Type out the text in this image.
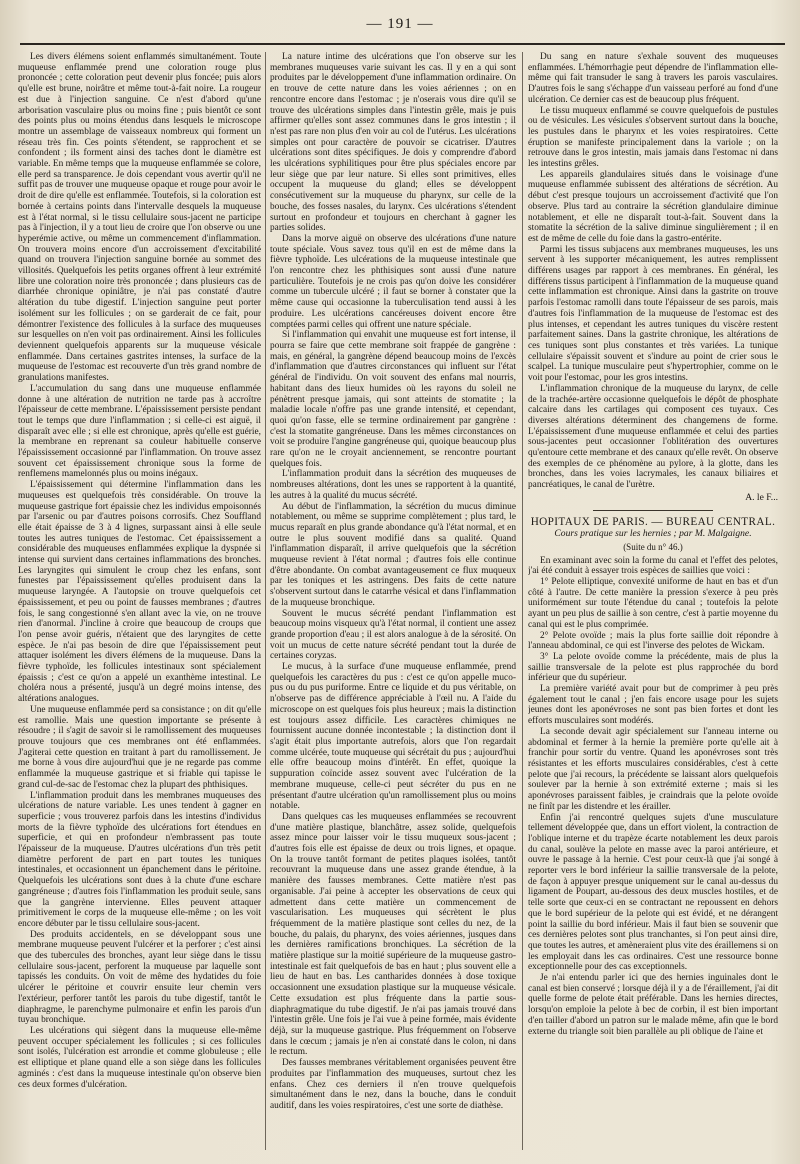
— 191 —

Les divers élémens soient enflammés simultanément. Toute muqueuse enflammée prend une coloration rouge plus prononcée ; cette coloration peut devenir plus foncée; puis alors qu'elle est brune, noirâtre et même tout-à-fait noire. La rougeur est due à l'injection sanguine. Ce n'est d'abord qu'une arborisation vasculaire plus ou moins fine ; puis bientôt ce sont des points plus ou moins étendus dans lesquels le microscope montre un assemblage de vaisseaux nombreux qui forment un réseau très fin. Ces points s'étendent, se rapprochent et se confondent ; ils forment ainsi des taches dont le diamètre est variable. En même temps que la muqueuse enflammée se colore, elle perd sa transparence. Je dois cependant vous avertir qu'il ne suffit pas de trouver une muqueuse opaque et rouge pour avoir le droit de dire qu'elle est enflammée. Toutefois, si la coloration est bornée à certains points dans l'intervalle desquels la muqueuse est à l'état normal, si le tissu cellulaire sous-jacent ne participe pas à l'injection, il y a tout lieu de croire que l'on observe ou une hyperémie active, ou même un commencement d'inflammation. On trouvera moins encore d'un accroissement d'excitabilité quand on trouvera l'injection sanguine bornée au sommet des villosités. Quelquefois les petits organes offrent à leur extrémité libre une coloration noire très prononcée ; dans plusieurs cas de diarrhée chronique opiniâtre, je n'ai pas constaté d'autre altération du tube digestif. L'injection sanguine peut porter isolément sur les follicules ; on se garderait de ce fait, pour démontrer l'existence des follicules à la surface des muqueuses sur lesquelles on n'en voit pas ordinairement. Ainsi les follicules deviennent quelquefois apparents sur la muqueuse vésicale enflammée. Dans certaines gastrites intenses, la surface de la muqueuse de l'estomac est recouverte d'un très grand nombre de granulations manifestes.

L'accumulation du sang dans une muqueuse enflammée donne à une altération de nutrition ne tarde pas à accroître l'épaisseur de cette membrane. L'épaississement persiste pendant tout le temps que dure l'inflammation ; si celle-ci est aiguë, il disparaît avec elle ; si elle est chronique, après qu'elle est guérie, la membrane en reprenant sa couleur habituelle conserve l'épaississement occasionné par l'inflammation. On trouve assez souvent cet épaississement chronique sous la forme de renflemens mamelonnés plus ou moins inégaux.

L'épaississement qui détermine l'inflammation dans les muqueuses est quelquefois très considérable. On trouve la muqueuse gastrique fort épaissie chez les individus empoisonnés par l'arsenic ou par d'autres poisons corrosifs. Chez Souffland elle était épaisse de 3 à 4 lignes, surpassant ainsi à elle seule toutes les autres tuniques de l'estomac. Cet épaississement a considérable des muqueuses enflammées explique la dyspnée si intense qui survient dans certaines inflammations des bronches. Les laryngites qui simulent le croup chez les enfans, sont funestes par l'épaississement qu'elles produisent dans la muqueuse laryngée. A l'autopsie on trouve quelquefois cet épaississement, et peu ou point de fausses membranes ; d'autres fois, le sang congestionné s'en allant avec la vie, on ne trouve rien d'anormal. J'incline à croire que beaucoup de croups que l'on pense avoir guéris, n'étaient que des laryngites de cette espèce. Je n'ai pas besoin de dire que l'épaississement peut attaquer isolément les divers élémens de la muqueuse. Dans la fièvre typhoïde, les follicules intestinaux sont spécialement épaissis ; c'est ce qu'on a appelé un exanthème intestinal. Le choléra nous a présenté, jusqu'à un degré moins intense, des altérations analogues.

Une muqueuse enflammée perd sa consistance ; on dit qu'elle est ramollie. Mais une question importante se présente à résoudre ; il s'agit de savoir si le ramollissement des muqueuses prouve toujours que ces membranes ont été enflammées. J'agiterai cette question en traitant à part du ramollissement. Je me borne à vous dire aujourd'hui que je ne regarde pas comme enflammée la muqueuse gastrique et si friable qui tapisse le grand cul-de-sac de l'estomac chez la plupart des phthisiques.

L'inflammation produit dans les membranes muqueuses des ulcérations de nature variable. Les unes tendent à gagner en superficie ; vous trouverez parfois dans les intestins d'individus morts de la fièvre typhoïde des ulcérations fort étendues en superficie, et qui en profondeur n'embrassent pas toute l'épaisseur de la muqueuse. D'autres ulcérations d'un très petit diamètre perforent de part en part toutes les tuniques intestinales, et occasionnent un épanchement dans le péritoine. Quelquefois les ulcérations sont dues à la chute d'une eschare gangréneuse ; d'autres fois l'inflammation les produit seule, sans que la gangrène intervienne. Elles peuvent attaquer primitivement le corps de la muqueuse elle-même ; on les voit encore débuter par le tissu cellulaire sous-jacent.

Des produits accidentels, en se développant sous une membrane muqueuse peuvent l'ulcérer et la perforer ; c'est ainsi que des tubercules des bronches, ayant leur siège dans le tissu cellulaire sous-jacent, perforent la muqueuse par laquelle sont tapissés les conduits. On voit de même des hydatides du foie ulcérer le péritoine et couvrir ensuite leur chemin vers l'extérieur, perforer tantôt les parois du tube digestif, tantôt le diaphragme, le parenchyme pulmonaire et enfin les parois d'un tuyau bronchique.

Les ulcérations qui siègent dans la muqueuse elle-même peuvent occuper spécialement les follicules ; si ces follicules sont isolés, l'ulcération est arrondie et comme globuleuse ; elle est elliptique et plane quand elle a son siège dans les follicules agminés : c'est dans la muqueuse intestinale qu'on observe bien ces deux formes d'ulcération.

La nature intime des ulcérations que l'on observe sur les membranes muqueuses varie suivant les cas. Il y en a qui sont produites par le développement d'une inflammation ordinaire. On en trouve de cette nature dans les voies aériennes ; on en rencontre encore dans l'estomac ; je n'oserais vous dire qu'il se trouve des ulcérations simples dans l'intestin grêle, mais je puis affirmer qu'elles sont assez communes dans le gros intestin ; il n'est pas rare non plus d'en voir au col de l'utérus. Les ulcérations simples ont pour caractère de pouvoir se cicatriser. D'autres ulcérations sont dites spécifiques. Je dois y comprendre d'abord les ulcérations syphilitiques pour être plus spéciales encore par leur siège que par leur nature. Si elles sont primitives, elles occupent la muqueuse du gland; elles se développent consécutivement sur la muqueuse du pharynx, sur celle de la bouche, des fosses nasales, du larynx. Ces ulcérations s'étendent surtout en profondeur et toujours en cherchant à gagner les parties solides.

Dans la morve aiguë on observe des ulcérations d'une nature toute spéciale. Vous savez tous qu'il en est de même dans la fièvre typhoïde. Les ulcérations de la muqueuse intestinale que l'on rencontre chez les phthisiques sont aussi d'une nature particulière. Toutefois je ne crois pas qu'on doive les considérer comme un tubercule ulcéré ; il faut se borner à constater que la même cause qui occasionne la tuberculisation tend aussi à les produire. Les ulcérations cancéreuses doivent encore être comptées parmi celles qui offrent une nature spéciale.

Si l'inflammation qui envahit une muqueuse est fort intense, il pourra se faire que cette membrane soit frappée de gangrène : mais, en général, la gangrène dépend beaucoup moins de l'excès d'inflammation que d'autres circonstances qui influent sur l'état général de l'individu. On voit souvent des enfans mal nourris, habitant dans des lieux humides où les rayons du soleil ne pénètrent presque jamais, qui sont atteints de stomatite ; la maladie locale n'offre pas une grande intensité, et cependant, quoi qu'on fasse, elle se termine ordinairement par gangrène : c'est la stomatite gangréneuse. Dans les mêmes circonstances on voit se produire l'angine gangréneuse qui, quoique beaucoup plus rare qu'on ne le croyait anciennement, se rencontre pourtant quelques fois.

L'inflammation produit dans la sécrétion des muqueuses de nombreuses altérations, dont les unes se rapportent à la quantité, les autres à la qualité du mucus sécrété.

Au début de l'inflammation, la sécrétion du mucus diminue notablement, ou même se supprime complètement ; plus tard, le mucus reparaît en plus grande abondance qu'à l'état normal, et en outre le plus souvent modifié dans sa qualité. Quand l'inflammation disparaît, il arrive quelquefois que la sécrétion muqueuse revient à l'état normal ; d'autres fois elle continue d'être abondante. On combat avantageusement ce flux muqueux par les toniques et les astringens. Des faits de cette nature s'observent surtout dans le catarrhe vésical et dans l'inflammation de la muqueuse bronchique.

Souvent le mucus sécrété pendant l'inflammation est beaucoup moins visqueux qu'à l'état normal, il contient une assez grande proportion d'eau ; il est alors analogue à de la sérosité. On voit un mucus de cette nature sécrété pendant tout la durée de certaines coryzas.

Le mucus, à la surface d'une muqueuse enflammée, prend quelquefois les caractères du pus : c'est ce qu'on appelle muco-pus ou du pus puriforme. Entre ce liquide et du pus véritable, on n'observe pas de différence appréciable à l'œil nu. A l'aide du microscope on est quelques fois plus heureux ; mais la distinction est toujours assez difficile. Les caractères chimiques ne fournissent aucune donnée incontestable ; la distinction dont il s'agit était plus importante autrefois, alors que l'on regardait comme ulcérée, toute muqueuse qui sécrétait du pus ; aujourd'hui elle offre beaucoup moins d'intérêt. En effet, quoique la suppuration coïncide assez souvent avec l'ulcération de la membrane muqueuse, celle-ci peut sécréter du pus en ne présentant d'autre ulcération qu'un ramollissement plus ou moins notable.

Dans quelques cas les muqueuses enflammées se recouvrent d'une matière plastique, blanchâtre, assez solide, quelquefois assez mince pour laisser voir le tissu muqueux sous-jacent ; d'autres fois elle est épaisse de deux ou trois lignes, et opaque. On la trouve tantôt formant de petites plaques isolées, tantôt recouvrant la muqueuse dans une assez grande étendue, à la manière des fausses membranes. Cette matière n'est pas organisable. J'ai peine à accepter les observations de ceux qui admettent dans cette matière un commencement de vascularisation. Les muqueuses qui sécrètent le plus fréquemment de la matière plastique sont celles du nez, de la bouche, du palais, du pharynx, des voies aériennes, jusques dans les dernières ramifications bronchiques. La sécrétion de la matière plastique sur la moitié supérieure de la muqueuse gastro-intestinale est fait quelquefois de bas en haut ; plus souvent elle a lieu de haut en bas. Les cantharides données à dose toxique occasionnent une exsudation plastique sur la muqueuse vésicale. Cette exsudation est plus fréquente dans la partie sous-diaphragmatique du tube digestif. Je n'ai pas jamais trouvé dans l'intestin grêle. Une fois je l'ai vue à peine formée, mais évidente déjà, sur la muqueuse gastrique. Plus fréquemment on l'observe dans le cœcum ; jamais je n'en ai constaté dans le colon, ni dans le rectum.

Des fausses membranes véritablement organisées peuvent être produites par l'inflammation des muqueuses, surtout chez les enfans. Chez ces derniers il n'en trouve quelquefois simultanément dans le nez, dans la bouche, dans le conduit auditif, dans les voies respiratoires, c'est une sorte de diathèse.

Du sang en nature s'exhale souvent des muqueuses enflammées. L'hémorrhagie peut dépendre de l'inflammation elle-même qui fait transuder le sang à travers les parois vasculaires. D'autres fois le sang s'échappe d'un vaisseau perforé au fond d'une ulcération. Ce dernier cas est de beaucoup plus fréquent.

Le tissu muqueux enflammé se couvre quelquefois de pustules ou de vésicules. Les vésicules s'observent surtout dans la bouche, les pustules dans le pharynx et les voies respiratoires. Cette éruption se manifeste principalement dans la variole ; on la retrouve dans le gros intestin, mais jamais dans l'estomac ni dans les intestins grêles.

Les appareils glandulaires situés dans le voisinage d'une muqueuse enflammée subissent des altérations de sécrétion. Au début c'est presque toujours un accroissement d'activité que l'on observe. Plus tard au contraire la sécrétion glandulaire diminue notablement, et elle ne disparaît tout-à-fait. Souvent dans la stomatite la sécrétion de la salive diminue singulièrement ; il en est de même de celle du foie dans la gastro-entérite.

Parmi les tissus subjacens aux membranes muqueuses, les uns servent à les supporter mécaniquement, les autres remplissent différens usages par rapport à ces membranes. En général, les différens tissus participent à l'inflammation de la muqueuse quand cette inflammation est chronique. Ainsi dans la gastrite on trouve parfois l'estomac ramolli dans toute l'épaisseur de ses parois, mais d'autres fois l'inflammation de la muqueuse de l'estomac est des plus intenses, et cependant les autres tuniques du viscère restent parfaitement saines. Dans la gastrite chronique, les altérations de ces tuniques sont plus constantes et très variées. La tunique cellulaire s'épaissit souvent et s'indure au point de crier sous le scalpel. La tunique musculaire peut s'hypertrophier, comme on le voit pour l'estomac, pour les gros intestins.

L'inflammation chronique de la muqueuse du larynx, de celle de la trachée-artère occasionne quelquefois le dépôt de phosphate calcaire dans les cartilages qui composent ces tuyaux. Ces diverses altérations déterminent des changemens de forme. L'épaississement d'une muqueuse enflammée et celui des parties sous-jacentes peut occasionner l'oblitération des ouvertures qu'entoure cette membrane et des canaux qu'elle revêt. On observe des exemples de ce phénomène au pylore, à la glotte, dans les bronches, dans les voies lacrymales, les canaux biliaires et pancréatiques, le canal de l'urètre.

A. le F...
HOPITAUX DE PARIS. — BUREAU CENTRAL.
Cours pratique sur les hernies ; par M. Malgaigne.
(Suite du n° 46.)

En examinant avec soin la forme du canal et l'effet des pelotes, j'ai été conduit à essayer trois espèces de saillies que voici :

1° Pelote elliptique, convexité uniforme de haut en bas et d'un côté à l'autre. De cette manière la pression s'exerce à peu près uniformément sur toute l'étendue du canal ; toutefois la pelote ayant un peu plus de saillie à son centre, c'est à partie moyenne du canal qui est le plus comprimée.

2° Pelote ovoïde ; mais la plus forte saillie doit répondre à l'anneau abdominal, ce qui est l'inverse des pelotes de Wickam.

3° La pelote ovoïde comme la précédente, mais de plus la saillie transversale de la pelote est plus rapprochée du bord inférieur que du supérieur.

La première variété avait pour but de comprimer à peu près également tout le canal ; j'en fais encore usage pour les sujets jeunes dont les aponévroses ne sont pas bien fortes et dont les efforts musculaires sont modérés.

La seconde devait agir spécialement sur l'anneau interne ou abdominal et fermer à la hernie la première porte qu'elle ait à franchir pour sortir du ventre. Quand les aponévroses sont très résistantes et les efforts musculaires considérables, c'est à cette pelote que j'ai recours, la précédente se laissant alors quelquefois soulever par la hernie à son extrémité externe ; mais si les aponévroses paraissent faibles, je craindrais que la pelote ovoïde ne finît par les distendre et les érailler.

Enfin j'ai rencontré quelques sujets d'une musculature tellement développée que, dans un effort violent, la contraction de l'oblique interne et du trapèze écarte notablement les deux parois du canal, soulève la pelote en masse avec la paroi antérieure, et ouvre le passage à la hernie. C'est pour ceux-là que j'ai songé à reporter vers le bord inférieur la saillie transversale de la pelote, de façon à appuyer presque uniquement sur le canal au-dessus du ligament de Poupart, au-dessous des deux muscles hostiles, et de telle sorte que ceux-ci en se contractant ne repoussent en dehors que le bord supérieur de la pelote qui est évidé, et ne dérangent point la saillie du bord inférieur. Mais il faut bien se souvenir que ces dernières pelotes sont plus tranchantes, si l'on peut ainsi dire, que toutes les autres, et amèneraient plus vite des éraillemens si on les employait dans les cas ordinaires. C'est une ressource bonne exceptionnelle pour des cas exceptionnels.

Je n'ai entendu parler ici que des hernies inguinales dont le canal est bien conservé ; lorsque déjà il y a de l'éraillement, j'ai dit quelle forme de pelote était préférable. Dans les hernies directes, lorsqu'on emploie la pelote à bec de corbin, il est bien important d'en tailler d'abord un patron sur le malade même, afin que le bord externe du triangle soit bien parallèle au pli oblique de l'aine et
